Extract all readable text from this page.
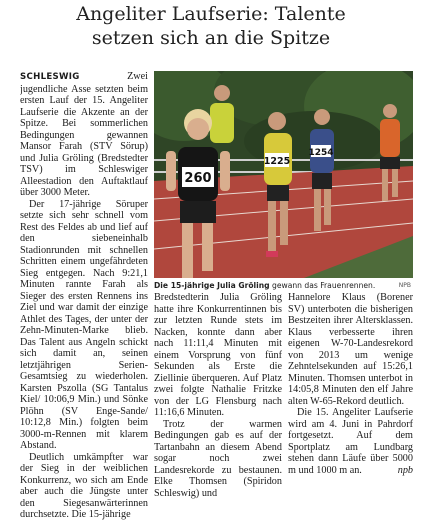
Angeliter Laufserie: Talente
setzen sich an die Spitze

SCHLESWIG	Zwei jugendliche Asse setzten beim ersten Lauf der 15. Angeliter Laufserie die Akzente an der Spitze. Bei sommerlichen Bedingungen gewannen Mansor Farah (STV Sörup) und Julia Gröling (Bredstedter TSV) im Schleswiger Alleestadion den Auftaktlauf über 3000 Meter.

Der 17-jährige Söruper setzte sich sehr schnell vom Rest des Feldes ab und lief auf den siebeneinhalb Stadionrunden mit schnellen Schritten einem ungefährdeten Sieg entgegen. Nach 9:21,1 Minuten rannte Farah als Sieger des ersten Rennens ins Ziel und war damit der einzige Athlet des Tages, der unter der Zehn-Minuten-Marke blieb. Das Talent aus Angeln schickt sich damit an, seinen letztjährigen Serien-Gesamtsieg zu wiederholen. Karsten Pszolla (SG Tantalus Kiel/ 10:06,9 Min.) und Sönke Plöhn (SV Enge-Sande/ 10:12,8 Min.) folgten beim 3000-m-Rennen mit klarem Abstand.

Deutlich umkämpfter war der Sieg in der weiblichen Konkurrenz, wo sich am Ende aber auch die Jüngste unter den Siegesanwärterinnen durchsetzte. Die 15-jährige

1254
1225
260
Die 15-jährige Julia Gröling gewann das Frauenrennen.	NPB

Bredstedterin Julia Gröling hatte ihre Konkurrentinnen bis zur letzten Runde stets im Nacken, konnte dann aber nach 11:11,4 Minuten mit einem Vorsprung von fünf Sekunden als Erste die Ziellinie überqueren. Auf Platz zwei folgte Nathalie Fritzke von der LG Flensburg nach 11:16,6 Minuten.

Trotz der warmen Bedingungen gab es auf der Tartanbahn an diesem Abend sogar noch zwei Landesrekorde zu bestaunen. Elke Thomsen (Spiridon Schleswig) und

Hannelore Klaus (Borener SV) unterboten die bisherigen Bestzeiten ihrer Altersklassen. Klaus verbesserte ihren eigenen W-70-Landesrekord von 2013 um wenige Zehntelsekunden auf 15:26,1 Minuten. Thomsen unterbot in 14:05,8 Minuten den elf Jahre alten W-65-Rekord deutlich.

Die 15. Angeliter Laufserie wird am 4. Juni in Pahrdorf fortgesetzt. Auf dem Sportplatz am Lundbarg stehen dann Läufe über 5000 m und 1000 m an.	npb
